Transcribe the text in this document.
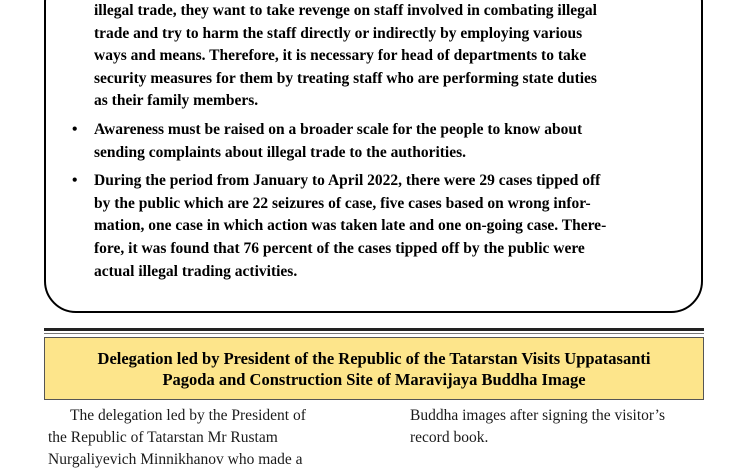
illegal trade, they want to take revenge on staff involved in combating illegal
trade and try to harm the staff directly or indirectly by employing various
ways and means. Therefore, it is necessary for head of departments to take
security measures for them by treating staff who are performing state duties
as their family members.
•	Awareness must be raised on a broader scale for the people to know about
sending complaints about illegal trade to the authorities.
•	During the period from January to April 2022, there were 29 cases tipped off
by the public which are 22 seizures of case, five cases based on wrong infor-
mation, one case in which action was taken late and one on-going case. There-
fore, it was found that 76 percent of the cases tipped off by the public were
actual illegal trading activities.
Delegation led by President of the Republic of the Tatarstan Visits Uppatasanti
Pagoda and Construction Site of Maravijaya Buddha Image
The delegation led by the President of
the Republic of Tatarstan Mr Rustam
Nurgaliyevich Minnikhanov who made a
Buddha images after signing the visitor’s
record book.
